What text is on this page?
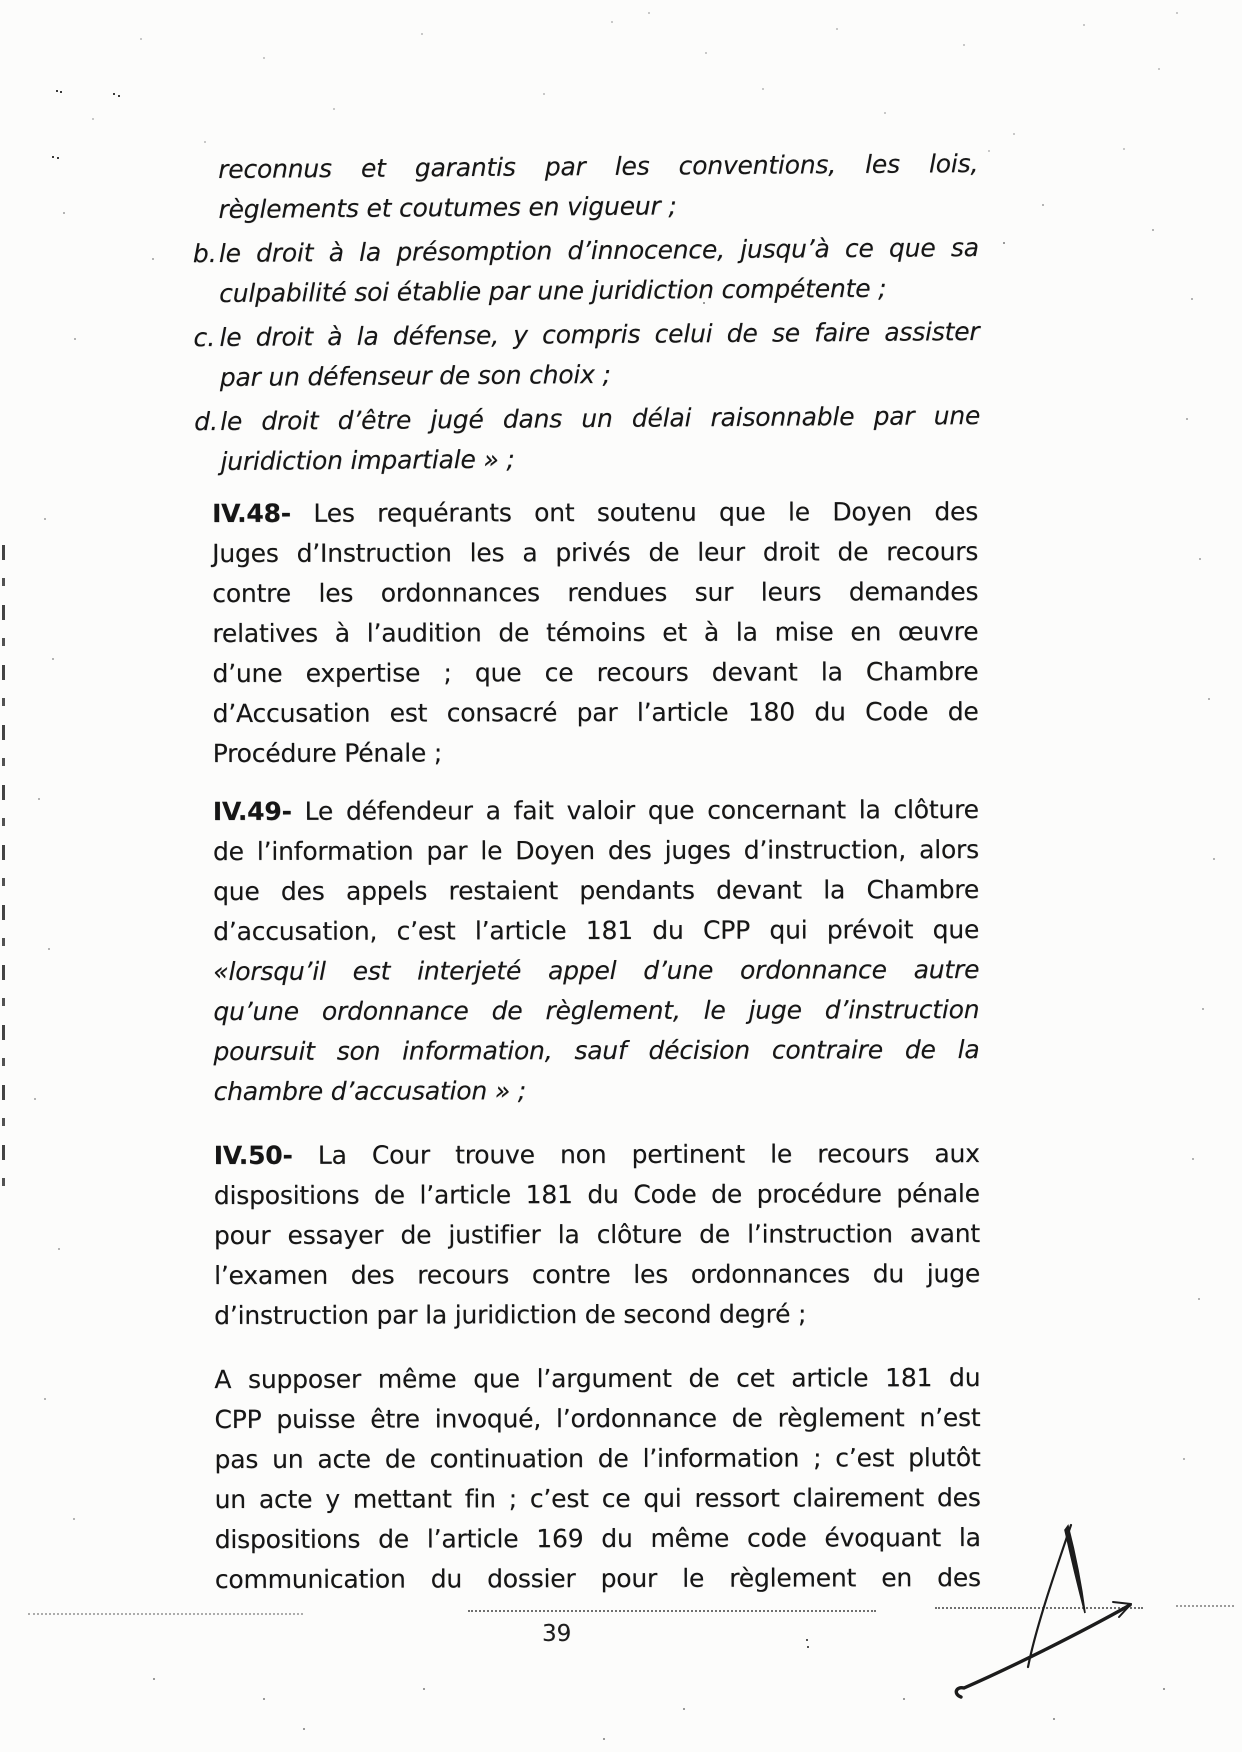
reconnus et garantis par les conventions, les lois,
règlements et coutumes en vigueur ;
b. le droit à la présomption d’innocence, jusqu’à ce que sa
culpabilité soi établie par une juridiction compétente ;
c. le droit à la défense, y compris celui de se faire assister
par un défenseur de son choix ;
d. le droit d’être jugé dans un délai raisonnable par une
juridiction impartiale » ;
IV.48- Les requérants ont soutenu que le Doyen des
Juges d’Instruction les a privés de leur droit de recours
contre les ordonnances rendues sur leurs demandes
relatives à l’audition de témoins et à la mise en œuvre
d’une expertise ; que ce recours devant la Chambre
d’Accusation est consacré par l’article 180 du Code de
Procédure Pénale ;
IV.49- Le défendeur a fait valoir que concernant la clôture
de l’information par le Doyen des juges d’instruction, alors
que des appels restaient pendants devant la Chambre
d’accusation, c’est l’article 181 du CPP qui prévoit que
«lorsqu’il est interjeté appel d’une ordonnance autre
qu’une ordonnance de règlement, le juge d’instruction
poursuit son information, sauf décision contraire de la
chambre d’accusation » ;
IV.50- La Cour trouve non pertinent le recours aux
dispositions de l’article 181 du Code de procédure pénale
pour essayer de justifier la clôture de l’instruction avant
l’examen des recours contre les ordonnances du juge
d’instruction par la juridiction de second degré ;
A supposer même que l’argument de cet article 181 du
CPP puisse être invoqué, l’ordonnance de règlement n’est
pas un acte de continuation de l’information ; c’est plutôt
un acte y mettant fin ; c’est ce qui ressort clairement des
dispositions de l’article 169 du même code évoquant la
communication du dossier pour le règlement en des
39
